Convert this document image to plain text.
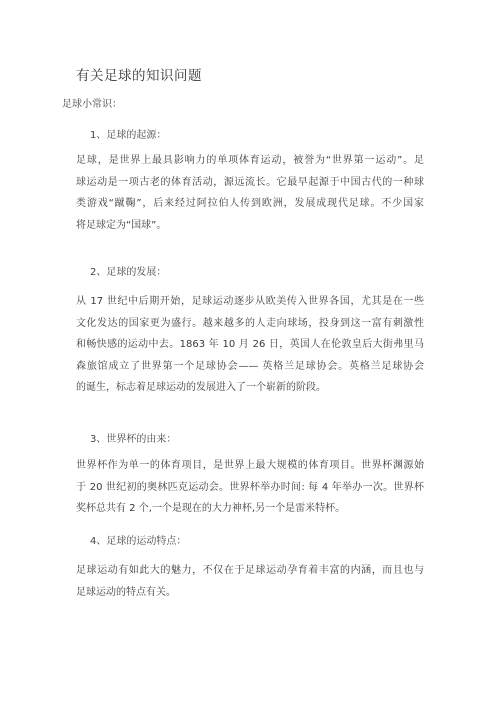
有关足球的知识问题
足球小常识：
1、足球的起源：
足球，是世界上最具影响力的单项体育运动，被誉为“世界第一运动”。足
球运动是一项古老的体育活动，源远流长。它最早起源于中国古代的一种球
类游戏“蹴鞠”，后来经过阿拉伯人传到欧洲，发展成现代足球。不少国家
将足球定为“国球”。
2、足球的发展：
从 17 世纪中后期开始，足球运动逐步从欧美传入世界各国，尤其是在一些
文化发达的国家更为盛行。越来越多的人走向球场，投身到这一富有刺激性
和畅快感的运动中去。1863 年 10 月 26 日，英国人在伦敦皇后大街弗里马
森旅馆成立了世界第一个足球协会—— 英格兰足球协会。英格兰足球协会
的诞生，标志着足球运动的发展进入了一个崭新的阶段。
3、世界杯的由来：
世界杯作为单一的体育项目，是世界上最大规模的体育项目。世界杯渊源始
于 20 世纪初的奥林匹克运动会。世界杯举办时间: 每 4 年举办一次。世界杯
奖杯总共有 2 个,一个是现在的大力神杯,另一个是雷米特杯。
4、足球的运动特点：
足球运动有如此大的魅力，不仅在于足球运动孕育着丰富的内涵，而且也与
足球运动的特点有关。
